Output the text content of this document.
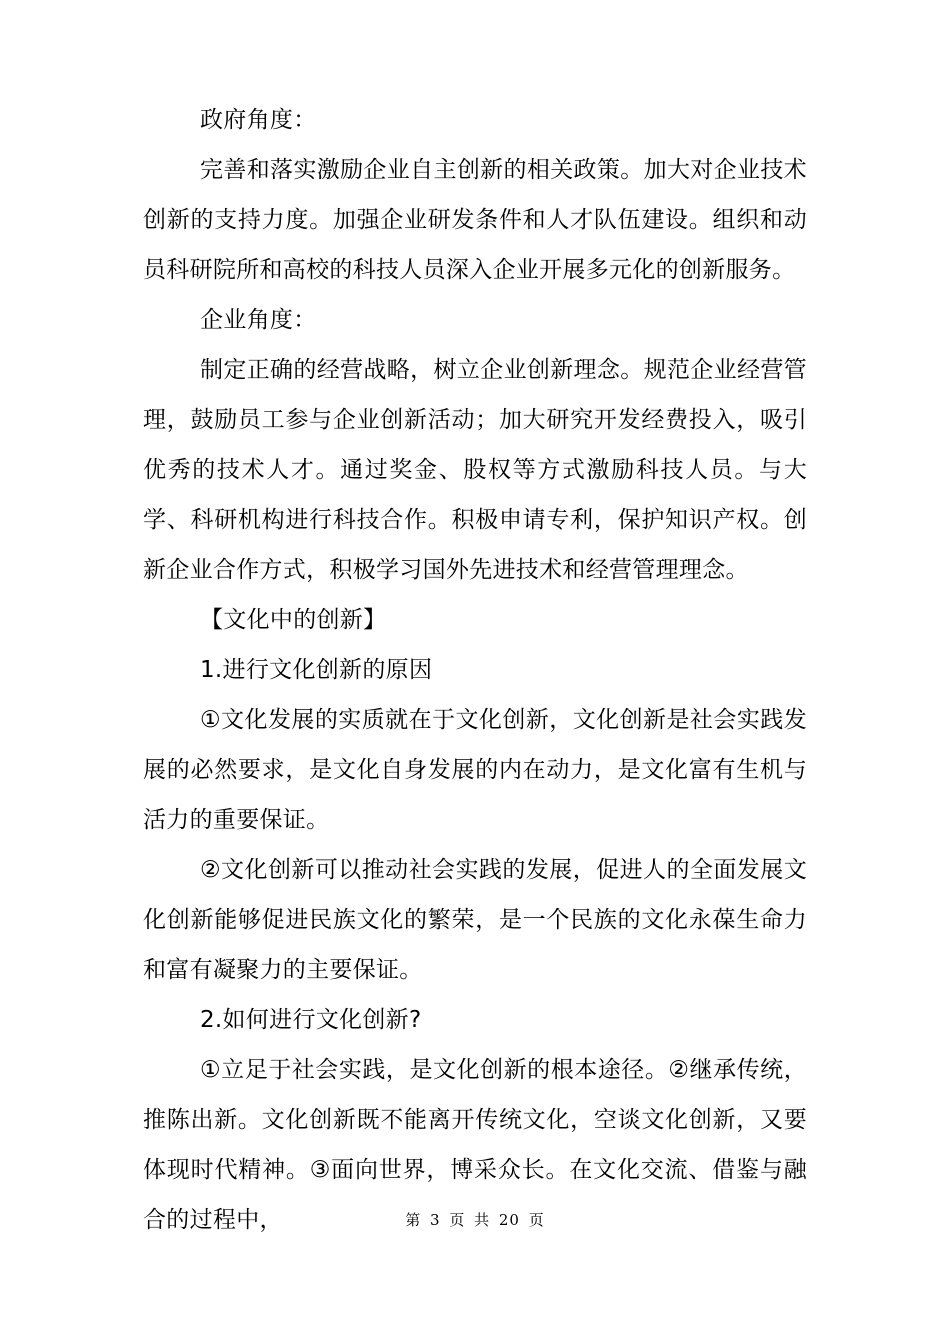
政府角度：

完善和落实激励企业自主创新的相关政策。加大对企业技术创新的支持力度。加强企业研发条件和人才队伍建设。组织和动员科研院所和高校的科技人员深入企业开展多元化的创新服务。

企业角度：

制定正确的经营战略，树立企业创新理念。规范企业经营管理，鼓励员工参与企业创新活动；加大研究开发经费投入，吸引优秀的技术人才。通过奖金、股权等方式激励科技人员。与大学、科研机构进行科技合作。积极申请专利，保护知识产权。创新企业合作方式，积极学习国外先进技术和经营管理理念。

【文化中的创新】

1.进行文化创新的原因

①文化发展的实质就在于文化创新，文化创新是社会实践发展的必然要求，是文化自身发展的内在动力，是文化富有生机与活力的重要保证。

②文化创新可以推动社会实践的发展，促进人的全面发展文化创新能够促进民族文化的繁荣，是一个民族的文化永葆生命力和富有凝聚力的主要保证。

2.如何进行文化创新?

①立足于社会实践，是文化创新的根本途径。②继承传统，推陈出新。文化创新既不能离开传统文化，空谈文化创新，又要体现时代精神。③面向世界，博采众长。在文化交流、借鉴与融合的过程中，	第 3 页 共 20 页
